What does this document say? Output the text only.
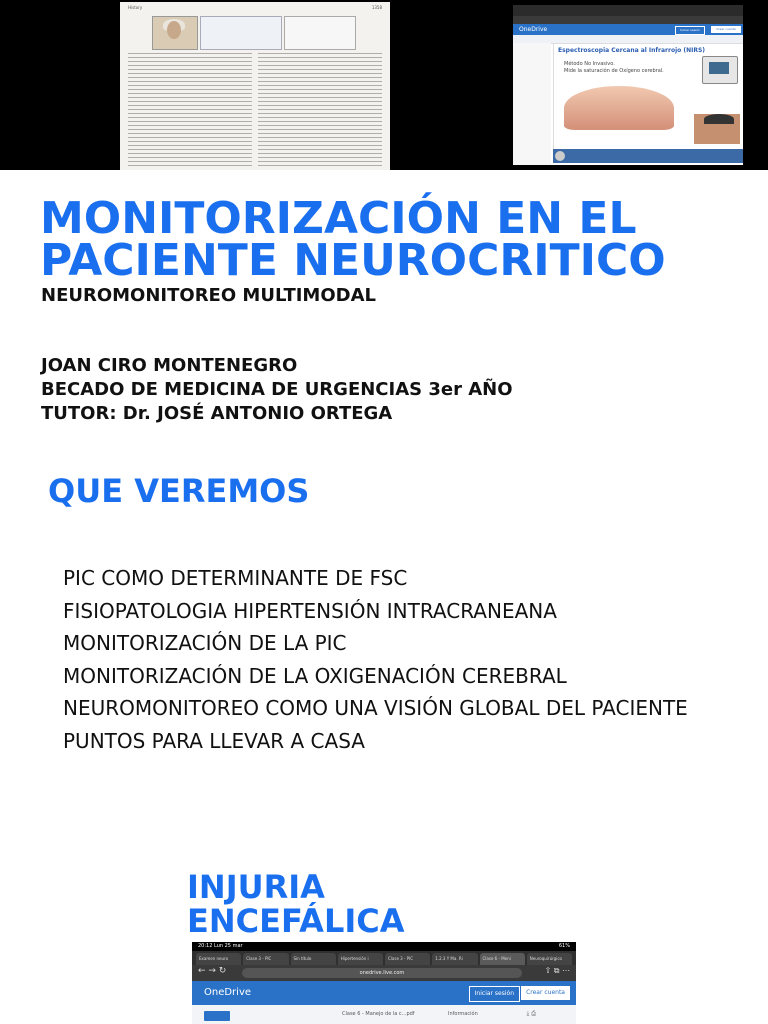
History	1358
OneDrive	Iniciar sesión	Crear cuenta
Espectroscopia Cercana al Infrarrojo (NIRS)
Método No Invasivo.
Mide la saturación de Oxígeno cerebral.
MONITORIZACIÓN EN EL PACIENTE NEUROCRITICO
NEUROMONITOREO MULTIMODAL
JOAN CIRO MONTENEGRO
BECADO DE MEDICINA DE URGENCIAS 3er AÑO
TUTOR: Dr. JOSÉ ANTONIO ORTEGA
QUE VEREMOS
PIC COMO DETERMINANTE DE FSC
FISIOPATOLOGIA HIPERTENSIÓN INTRACRANEANA
MONITORIZACIÓN DE LA PIC
MONITORIZACIÓN DE LA OXIGENACIÓN CEREBRAL
NEUROMONITOREO COMO UNA VISIÓN GLOBAL DEL PACIENTE
PUNTOS PARA LLEVAR A CASA
INJURIA ENCEFÁLICA
20:12 Lun 25 mar	61%
Examen neuro	Clase 3 - PIC	Sin título	Hipertensión i	Clase 3 - PIC	1.2.3 Y Ma. Ri	Clase 6 - Meni	Neuroquirúrgico
← → ↻	onedrive.live.com	⇧ ⧉ ⋯
OneDrive	Iniciar sesión	Crear cuenta
Clase 6 - Manejo de la c...pdf	Información	⤓ ⎙
